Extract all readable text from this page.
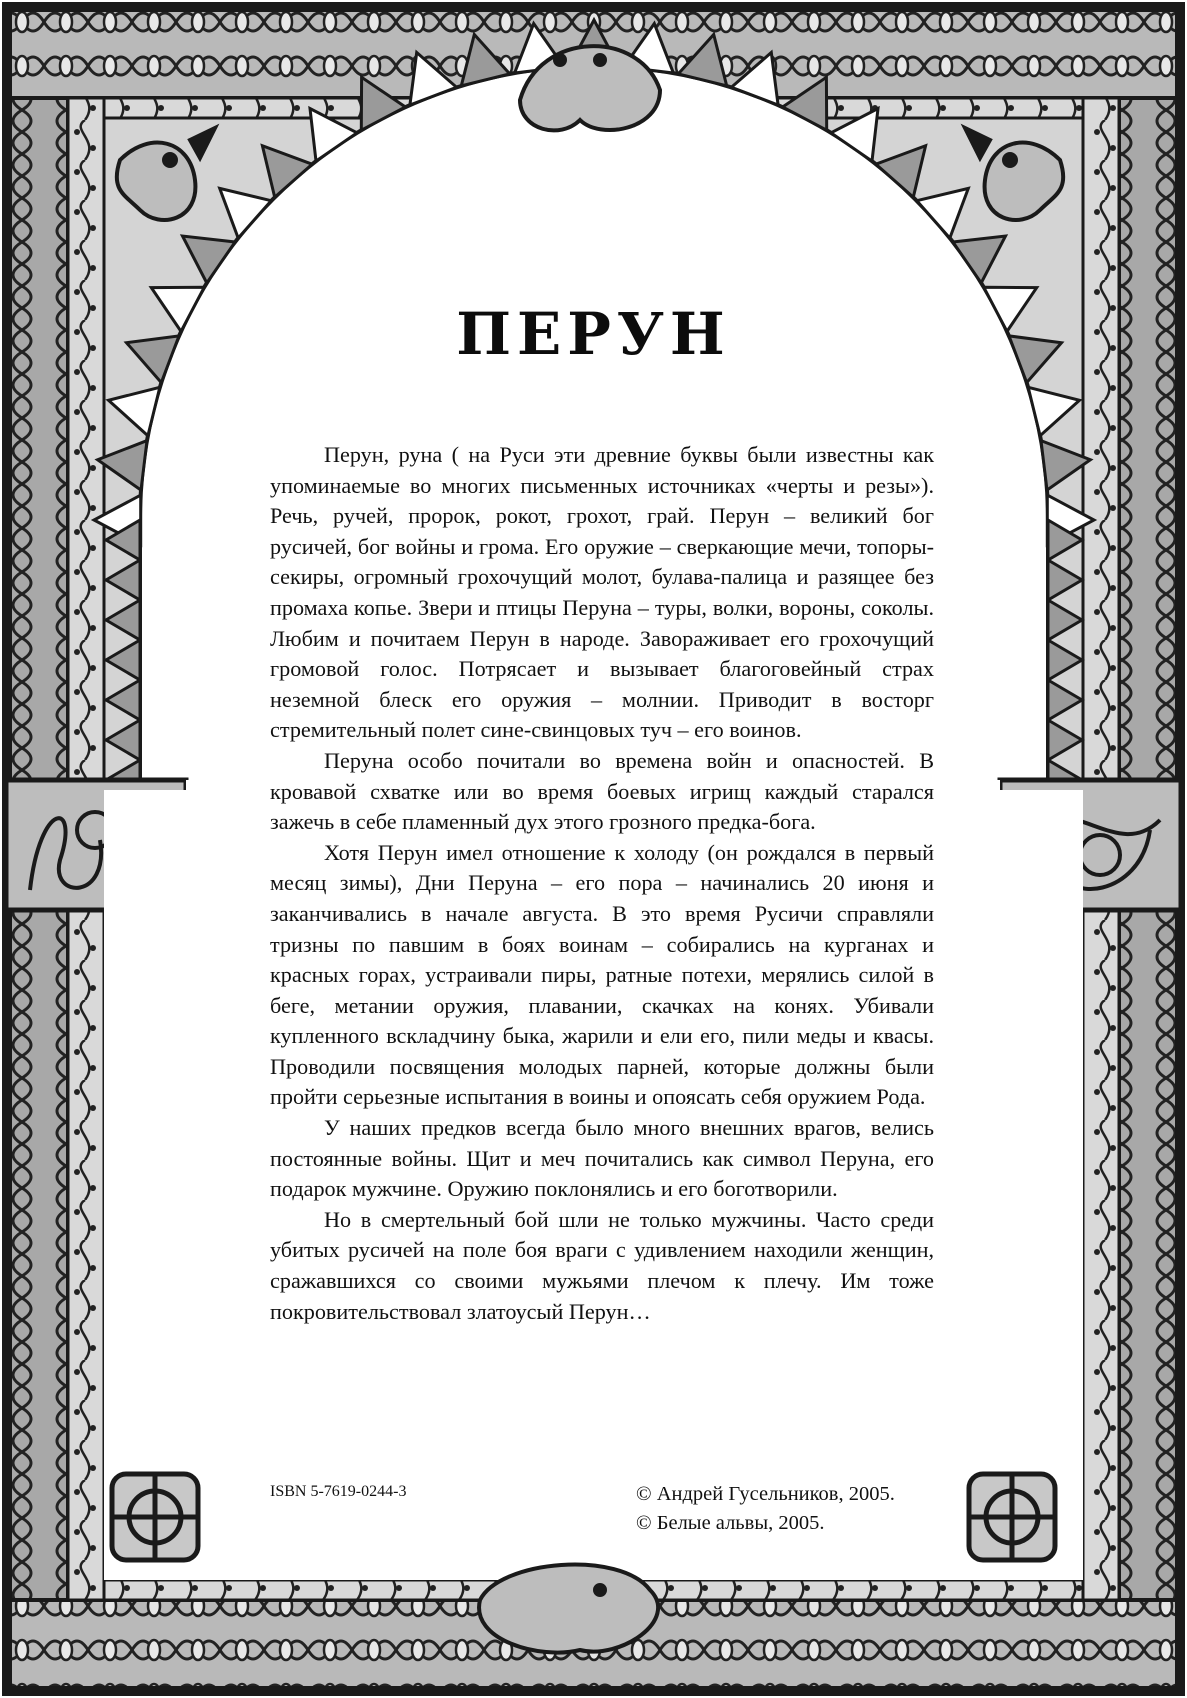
ПЕРУН

Перун, руна ( на Руси эти древние буквы были известны как упоминаемые во многих письменных источниках «черты и резы»). Речь, ручей, пророк, рокот, грохот, грай. Перун – великий бог русичей, бог войны и грома. Его оружие – сверкающие мечи, топоры-секиры, огромный грохочущий молот, булава-палица и разящее без промаха копье. Звери и птицы Перуна – туры, волки, вороны, соколы. Любим и почитаем Перун в народе. Завораживает его грохочущий громовой голос. Потрясает и вызывает благоговейный страх неземной блеск его оружия – молнии. Приводит в восторг стремительный полет сине-свинцовых туч – его воинов.

Перуна особо почитали во времена войн и опасностей. В кровавой схватке или во время боевых игрищ каждый старался зажечь в себе пламенный дух этого грозного предка-бога.

Хотя Перун имел отношение к холоду (он рождался в первый месяц зимы), Дни Перуна – его пора – начинались 20 июня и заканчивались в начале августа. В это время Русичи справляли тризны по павшим в боях воинам – собирались на курганах и красных горах, устраивали пиры, ратные потехи, мерялись силой в беге, метании оружия, плавании, скачках на конях. Убивали купленного вскладчину быка, жарили и ели его, пили меды и квасы. Проводили посвящения молодых парней, которые должны были пройти серьезные испытания в воины и опоясать себя оружием Рода.

У наших предков всегда было много внешних врагов, велись постоянные войны. Щит и меч почитались как символ Перуна, его подарок мужчине. Оружию поклонялись и его боготворили.

Но в смертельный бой шли не только мужчины. Часто среди убитых русичей на поле боя враги с удивлением находили женщин, сражавшихся со своими мужьями плечом к плечу. Им тоже покровительствовал златоусый Перун…

ISBN 5-7619-0244-3	© Андрей Гусельников, 2005.
© Белые альвы, 2005.
